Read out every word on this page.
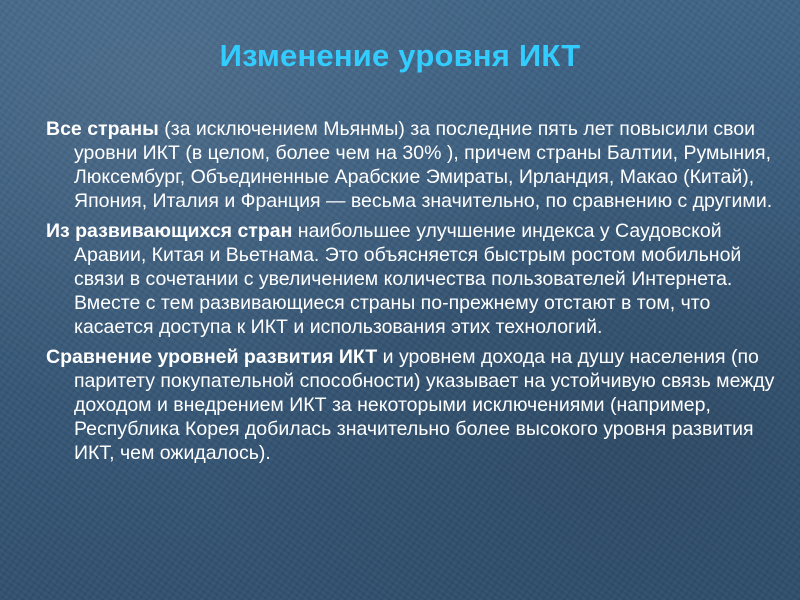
Изменение уровня ИКТ

Все страны (за исключением Мьянмы) за последние пять лет повысили свои уровни ИКТ (в целом, более чем на 30% ), причем страны Балтии, Румыния, Люксембург, Объединенные Арабские Эмираты, Ирландия, Макао (Китай), Япония, Италия и Франция — весьма значительно, по сравнению с другими.

Из развивающихся стран наибольшее улучшение индекса у Саудовской Аравии, Китая и Вьетнама. Это объясняется быстрым ростом мобильной связи в сочетании с увеличением количества пользователей Интернета. Вместе с тем развивающиеся страны по-прежнему отстают в том, что касается доступа к ИКТ и использования этих технологий.

Сравнение уровней развития ИКТ и уровнем дохода на душу населения (по паритету покупательной способности) указывает на устойчивую связь между доходом и внедрением ИКТ за некоторыми исключениями (например, Республика Корея добилась значительно более высокого уровня развития ИКТ, чем ожидалось).
